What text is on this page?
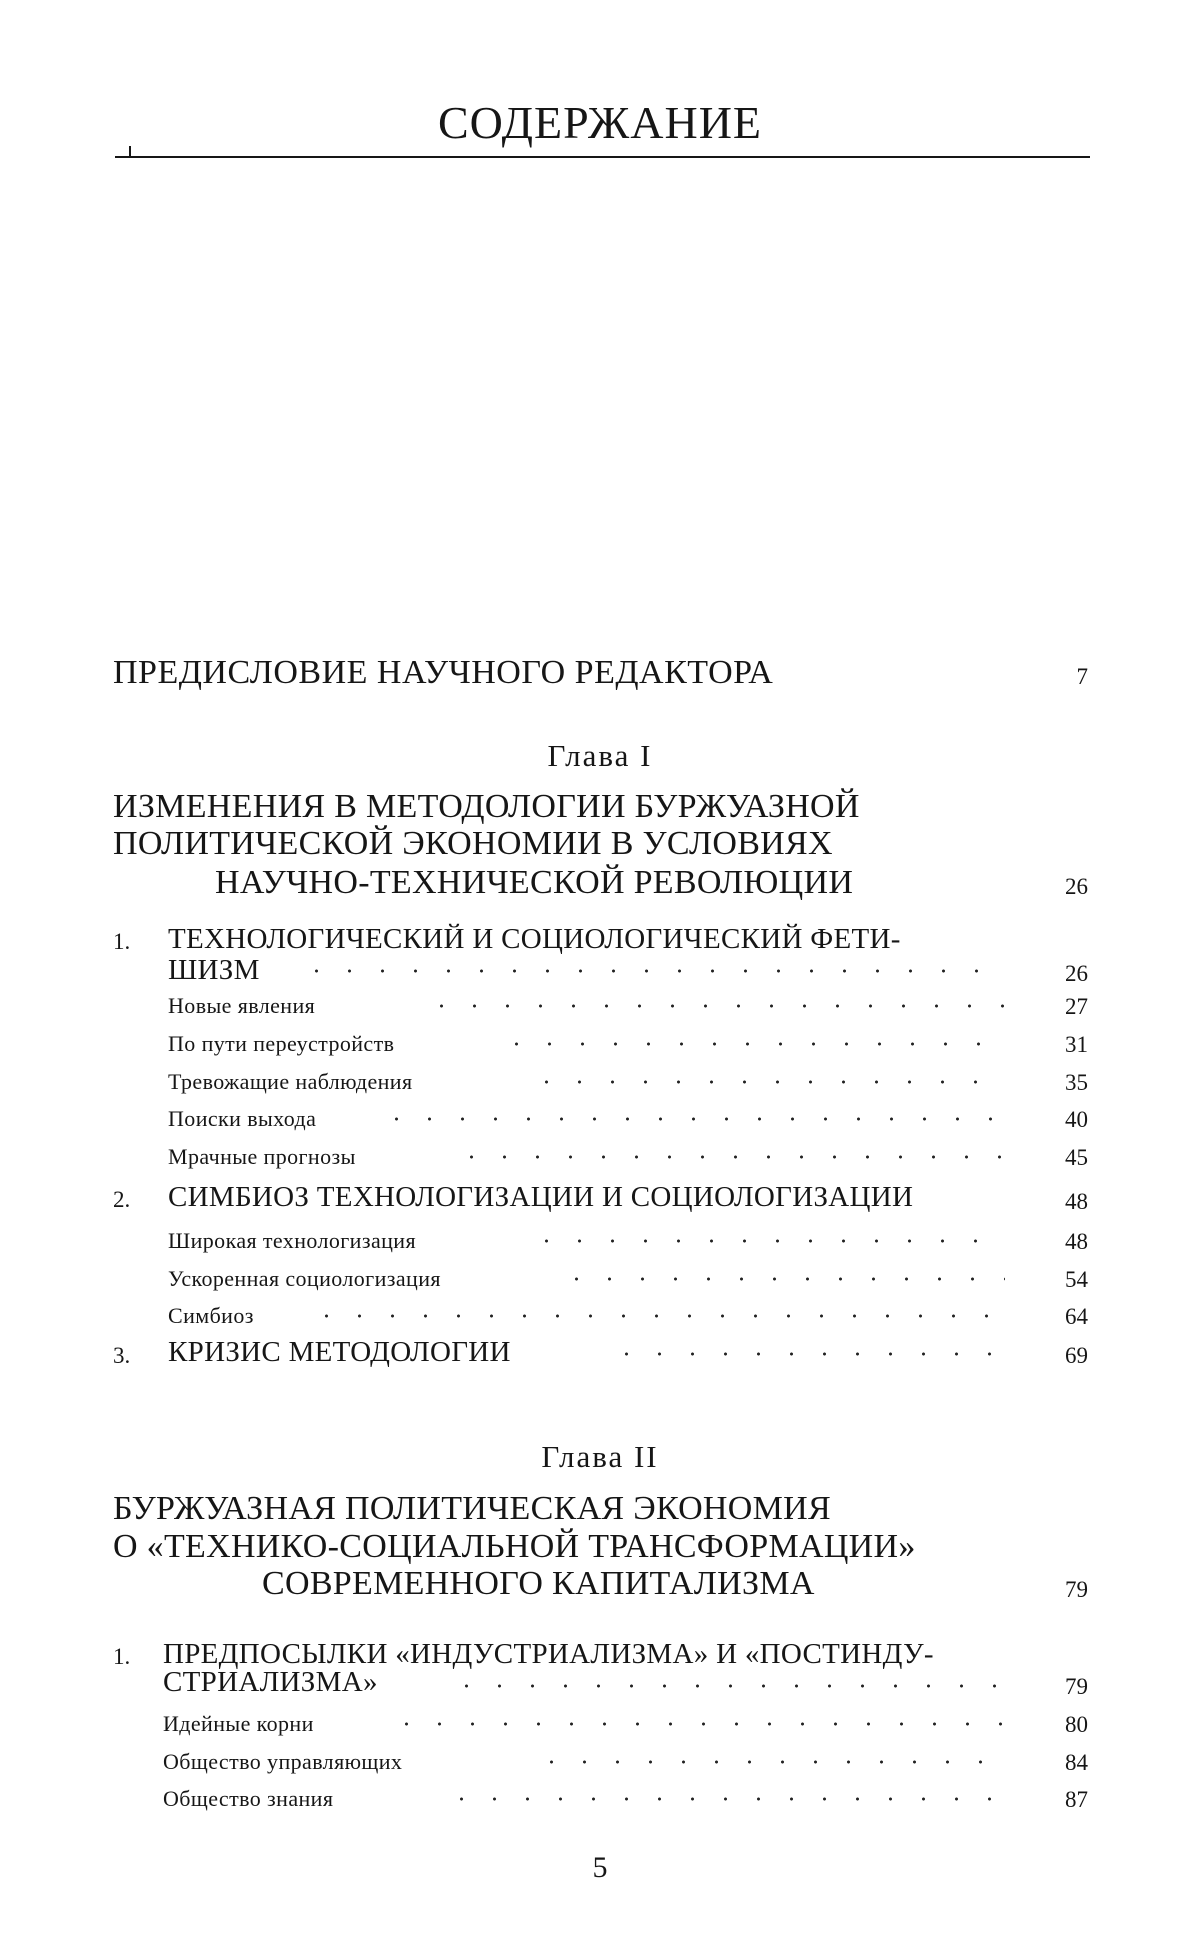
СОДЕРЖАНИЕ
ПРЕДИСЛОВИЕ НАУЧНОГО РЕДАКТОРА	7
Глава I
ИЗМЕНЕНИЯ В МЕТОДОЛОГИИ БУРЖУАЗНОЙ
ПОЛИТИЧЕСКОЙ ЭКОНОМИИ В УСЛОВИЯХ
НАУЧНО-ТЕХНИЧЕСКОЙ РЕВОЛЮЦИИ	26
1. ТЕХНОЛОГИЧЕСКИЙ И СОЦИОЛОГИЧЕСКИЙ ФЕТИ-
ШИЗМ	26
Новые явления	27
По пути переустройств	31
Тревожащие наблюдения	35
Поиски выхода	40
Мрачные прогнозы	45
2. СИМБИОЗ ТЕХНОЛОГИЗАЦИИ И СОЦИОЛОГИЗАЦИИ	48
Широкая технологизация	48
Ускоренная социологизация	54
Симбиоз	64
3. КРИЗИС МЕТОДОЛОГИИ	69
Глава II
БУРЖУАЗНАЯ ПОЛИТИЧЕСКАЯ ЭКОНОМИЯ
О «ТЕХНИКО-СОЦИАЛЬНОЙ ТРАНСФОРМАЦИИ»
СОВРЕМЕННОГО КАПИТАЛИЗМА	79
1. ПРЕДПОСЫЛКИ «ИНДУСТРИАЛИЗМА» И «ПОСТИНДУ-
СТРИАЛИЗМА»	79
Идейные корни	80
Общество управляющих	84
Общество знания	87
5
